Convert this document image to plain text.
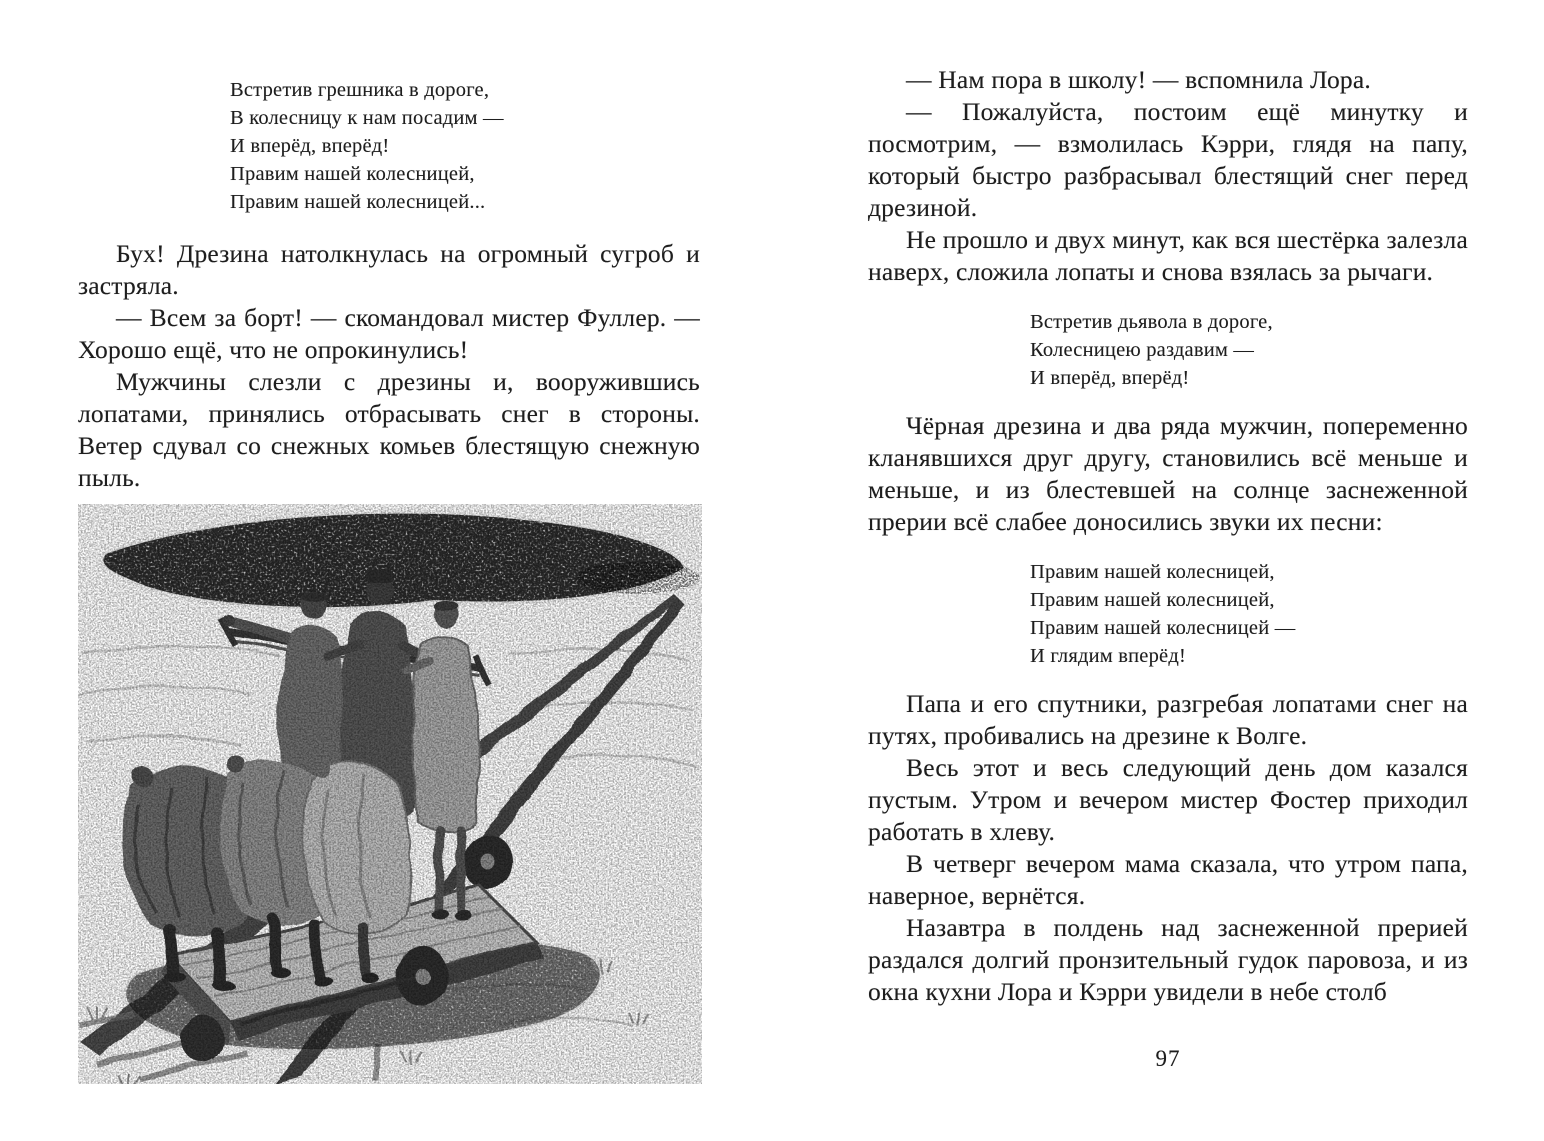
Встретив грешника в дороге,
В колесницу к нам посадим —
И вперёд, вперёд!
Правим нашей колесницей,
Правим нашей колесницей...

Бух! Дрезина натолкнулась на огромный сугроб и застряла.

— Всем за борт! — скомандовал мистер Фуллер. — Хорошо ещё, что не опрокинулись!

Мужчины слезли с дрезины и, вооружившись лопатами, принялись отбрасывать снег в стороны. Ветер сдувал со снежных комьев блестящую снежную пыль.

— Нам пора в школу! — вспомнила Лора.

— Пожалуйста, постоим ещё минутку и посмотрим, — взмолилась Кэрри, глядя на папу, который быстро разбрасывал блестящий снег перед дрезиной.

Не прошло и двух минут, как вся шестёрка залезла наверх, сложила лопаты и снова взялась за рычаги.

Встретив дьявола в дороге,
Колесницею раздавим —
И вперёд, вперёд!

Чёрная дрезина и два ряда мужчин, попеременно кланявшихся друг другу, становились всё меньше и меньше, и из блестевшей на солнце заснеженной прерии всё слабее доносились звуки их песни:

Правим нашей колесницей,
Правим нашей колесницей,
Правим нашей колесницей —
И глядим вперёд!

Папа и его спутники, разгребая лопатами снег на путях, пробивались на дрезине к Волге.

Весь этот и весь следующий день дом казался пустым. Утром и вечером мистер Фостер приходил работать в хлеву.

В четверг вечером мама сказала, что утром папа, наверное, вернётся.

Назавтра в полдень над заснеженной прерией раздался долгий пронзительный гудок паровоза, и из окна кухни Лора и Кэрри увидели в небе столб

97
